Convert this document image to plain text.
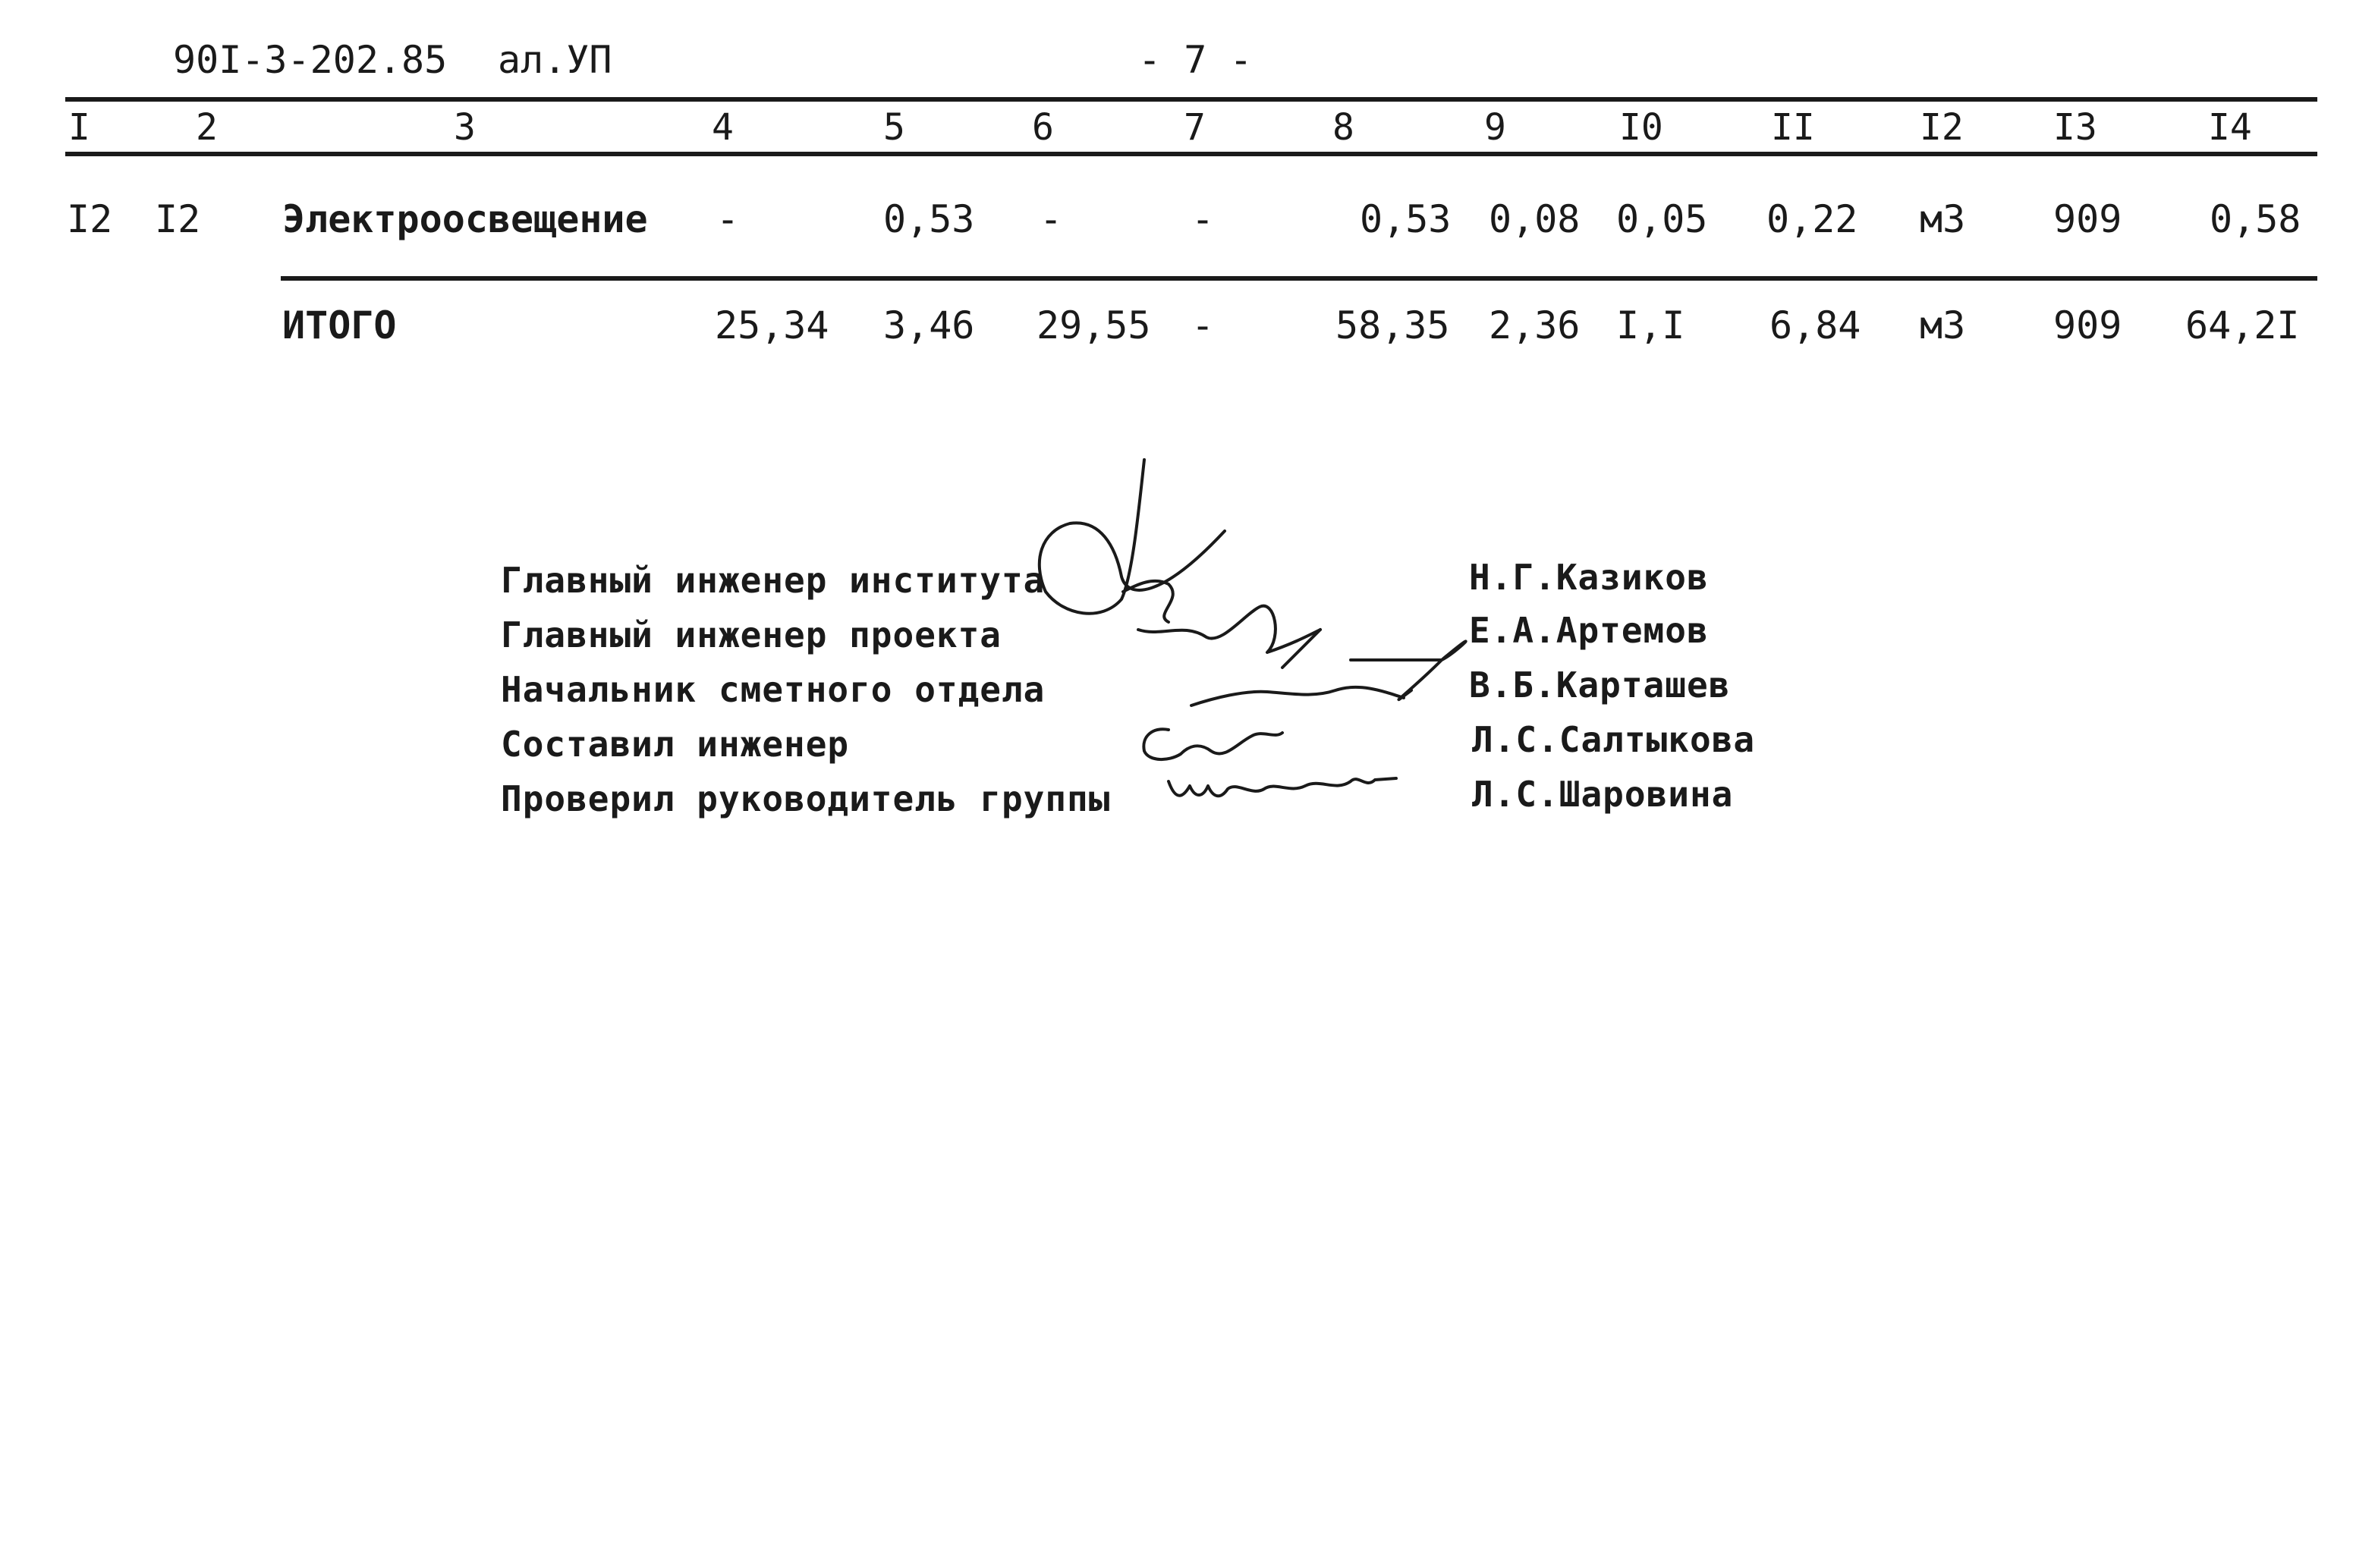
90I-3-202.85 ал.УП	- 7 -
I	2	3	4	5	6	7	8	9	I0	II	I2 I3	I4
I2 I2 Электроосвещение -	0,53 -	-	0,53 0,08 0,05 0,22 м3 909 0,58
ИТОГО	25,34 3,46 29,55 -	58,35 2,36 I,I 6,84 м3 909 64,2I
Главный инженер института	Н.Г.Казиков
Главный инженер проекта	Е.А.Артемов
Начальник сметного отдела	В.Б.Карташев
Составил инженер	Л.С.Салтыкова
Проверил руководитель группы	Л.С.Шаровина
